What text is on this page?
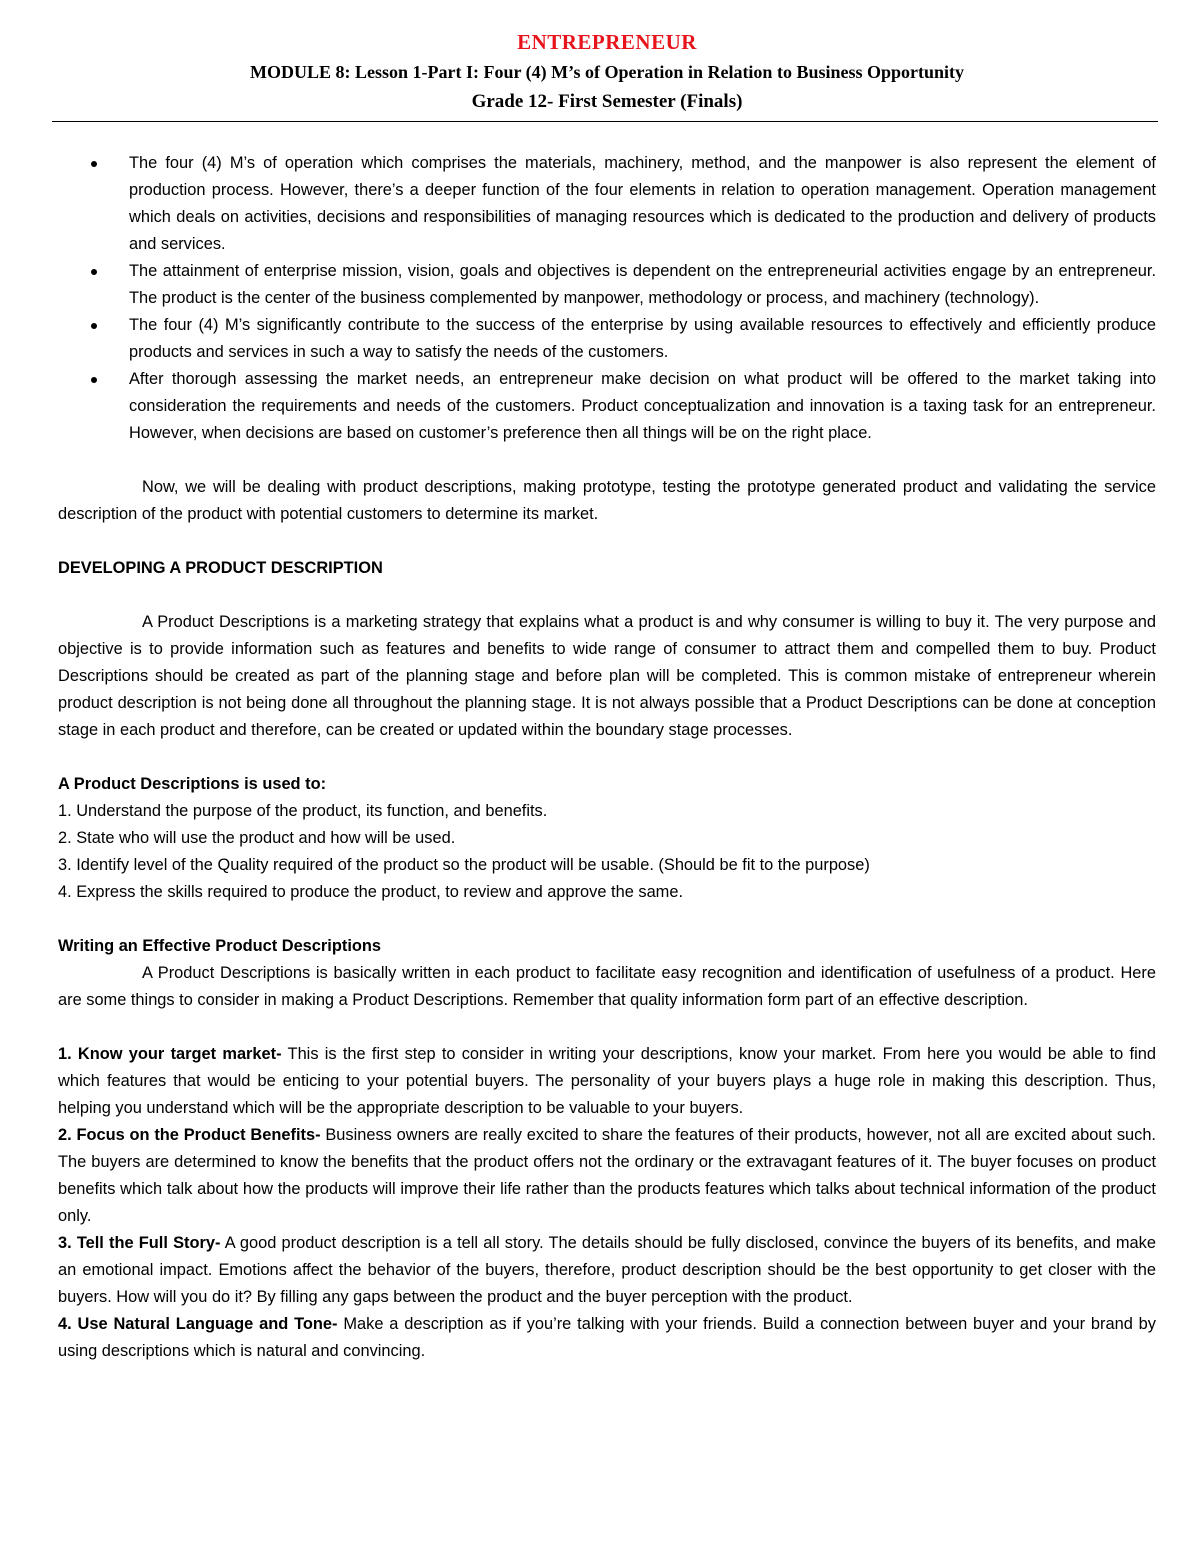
ENTREPRENEUR
MODULE 8: Lesson 1-Part I: Four (4) M’s of Operation in Relation to Business Opportunity
Grade 12- First Semester (Finals)
The four (4) M’s of operation which comprises the materials, machinery, method, and the manpower is also represent the element of production process. However, there’s a deeper function of the four elements in relation to operation management. Operation management which deals on activities, decisions and responsibilities of managing resources which is dedicated to the production and delivery of products and services.
The attainment of enterprise mission, vision, goals and objectives is dependent on the entrepreneurial activities engage by an entrepreneur. The product is the center of the business complemented by manpower, methodology or process, and machinery (technology).
The four (4) M’s significantly contribute to the success of the enterprise by using available resources to effectively and efficiently produce products and services in such a way to satisfy the needs of the customers.
After thorough assessing the market needs, an entrepreneur make decision on what product will be offered to the market taking into consideration the requirements and needs of the customers. Product conceptualization and innovation is a taxing task for an entrepreneur. However, when decisions are based on customer’s preference then all things will be on the right place.

Now, we will be dealing with product descriptions, making prototype, testing the prototype generated product and validating the service description of the product with potential customers to determine its market.

DEVELOPING A PRODUCT DESCRIPTION

A Product Descriptions is a marketing strategy that explains what a product is and why consumer is willing to buy it. The very purpose and objective is to provide information such as features and benefits to wide range of consumer to attract them and compelled them to buy. Product Descriptions should be created as part of the planning stage and before plan will be completed. This is common mistake of entrepreneur wherein product description is not being done all throughout the planning stage. It is not always possible that a Product Descriptions can be done at conception stage in each product and therefore, can be created or updated within the boundary stage processes.

A Product Descriptions is used to:

1. Understand the purpose of the product, its function, and benefits.

2. State who will use the product and how will be used.

3. Identify level of the Quality required of the product so the product will be usable. (Should be fit to the purpose)

4. Express the skills required to produce the product, to review and approve the same.

Writing an Effective Product Descriptions

A Product Descriptions is basically written in each product to facilitate easy recognition and identification of usefulness of a product. Here are some things to consider in making a Product Descriptions. Remember that quality information form part of an effective description.

1. Know your target market- This is the first step to consider in writing your descriptions, know your market. From here you would be able to find which features that would be enticing to your potential buyers. The personality of your buyers plays a huge role in making this description. Thus, helping you understand which will be the appropriate description to be valuable to your buyers.

2. Focus on the Product Benefits- Business owners are really excited to share the features of their products, however, not all are excited about such. The buyers are determined to know the benefits that the product offers not the ordinary or the extravagant features of it. The buyer focuses on product benefits which talk about how the products will improve their life rather than the products features which talks about technical information of the product only.

3. Tell the Full Story- A good product description is a tell all story. The details should be fully disclosed, convince the buyers of its benefits, and make an emotional impact. Emotions affect the behavior of the buyers, therefore, product description should be the best opportunity to get closer with the buyers. How will you do it? By filling any gaps between the product and the buyer perception with the product.

4. Use Natural Language and Tone- Make a description as if you’re talking with your friends. Build a connection between buyer and your brand by using descriptions which is natural and convincing.
